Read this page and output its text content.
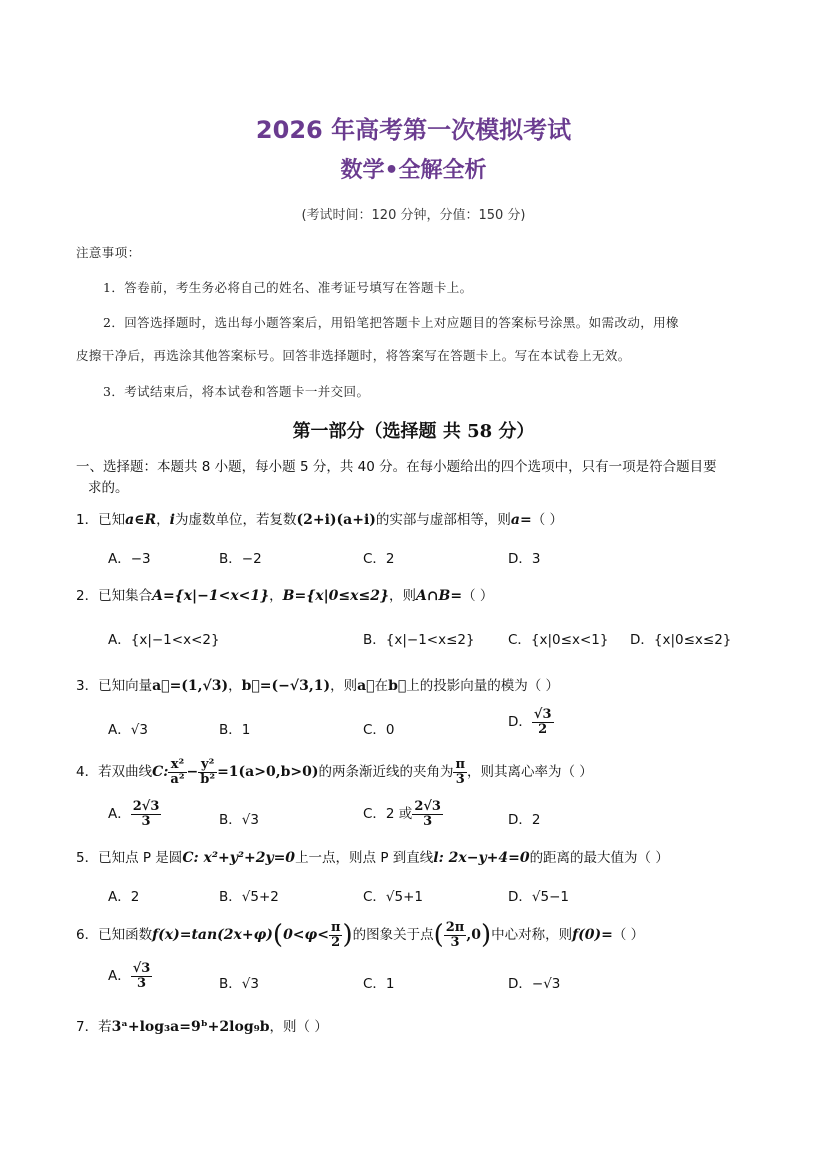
2026 年高考第一次模拟考试
数学•全解全析
(考试时间：120 分钟，分值：150 分)
注意事项：
1．答卷前，考生务必将自己的姓名、准考证号填写在答题卡上。
2．回答选择题时，选出每小题答案后，用铅笔把答题卡上对应题目的答案标号涂黑。如需改动，用橡
皮擦干净后，再选涂其他答案标号。回答非选择题时，将答案写在答题卡上。写在本试卷上无效。
3．考试结束后，将本试卷和答题卡一并交回。
第一部分（选择题 共 58 分）
一、选择题：本题共 8 小题，每小题 5 分，共 40 分。在每小题给出的四个选项中，只有一项是符合题目要
求的。
1．已知a∈R，i为虚数单位，若复数(2+i)(a+i)的实部与虚部相等，则a=（ ）
A．−3	B．−2	C．2	D．3
2．已知集合A={x|−1<x<1}，B={x|0≤x≤2}，则A∩B=（ ）
A．{x|−1<x<2}	B．{x|−1<x≤2} C．{x|0≤x<1} D．{x|0≤x≤2}
3．已知向量a⃗=(1,√3)，b⃗=(−√3,1)，则a⃗在b⃗上的投影向量的模为（ ）
A．√3	B．1	C．0	D． $\frac{√3}{2}$
4．若双曲线C: $\frac{\text{x²}}{\text{a²}} - \frac{\text{y²}}{\text{b²}} =1(a>0,b>0)$的两条渐近线的夹角为 $\frac{\pi}{3}$ ，则其离心率为（ ）
A． $\frac{2√3}{3}$	B．√3	C．2 或 $\frac{2√3}{3}$	D．2
5．已知点 P 是圆C: x²+y²+2y=0上一点，则点 P 到直线l: 2x−y+4=0的距离的最大值为（ ）
A．2	B．√5+2	C．√5+1	D．√5−1
6．已知函数$f(x)=\tan(2x+\varphi)(0<\varphi< \frac{\pi}{2}$ )的图象关于点( $\frac{2\pi}{3} ,0$)中心对称，则f(0)=（ ）
A． $\frac{√3}{3}$	B．√3	C．1	D．−√3
7．若3ᵃ+log₃a=9ᵇ+2log₉b，则（ ）
